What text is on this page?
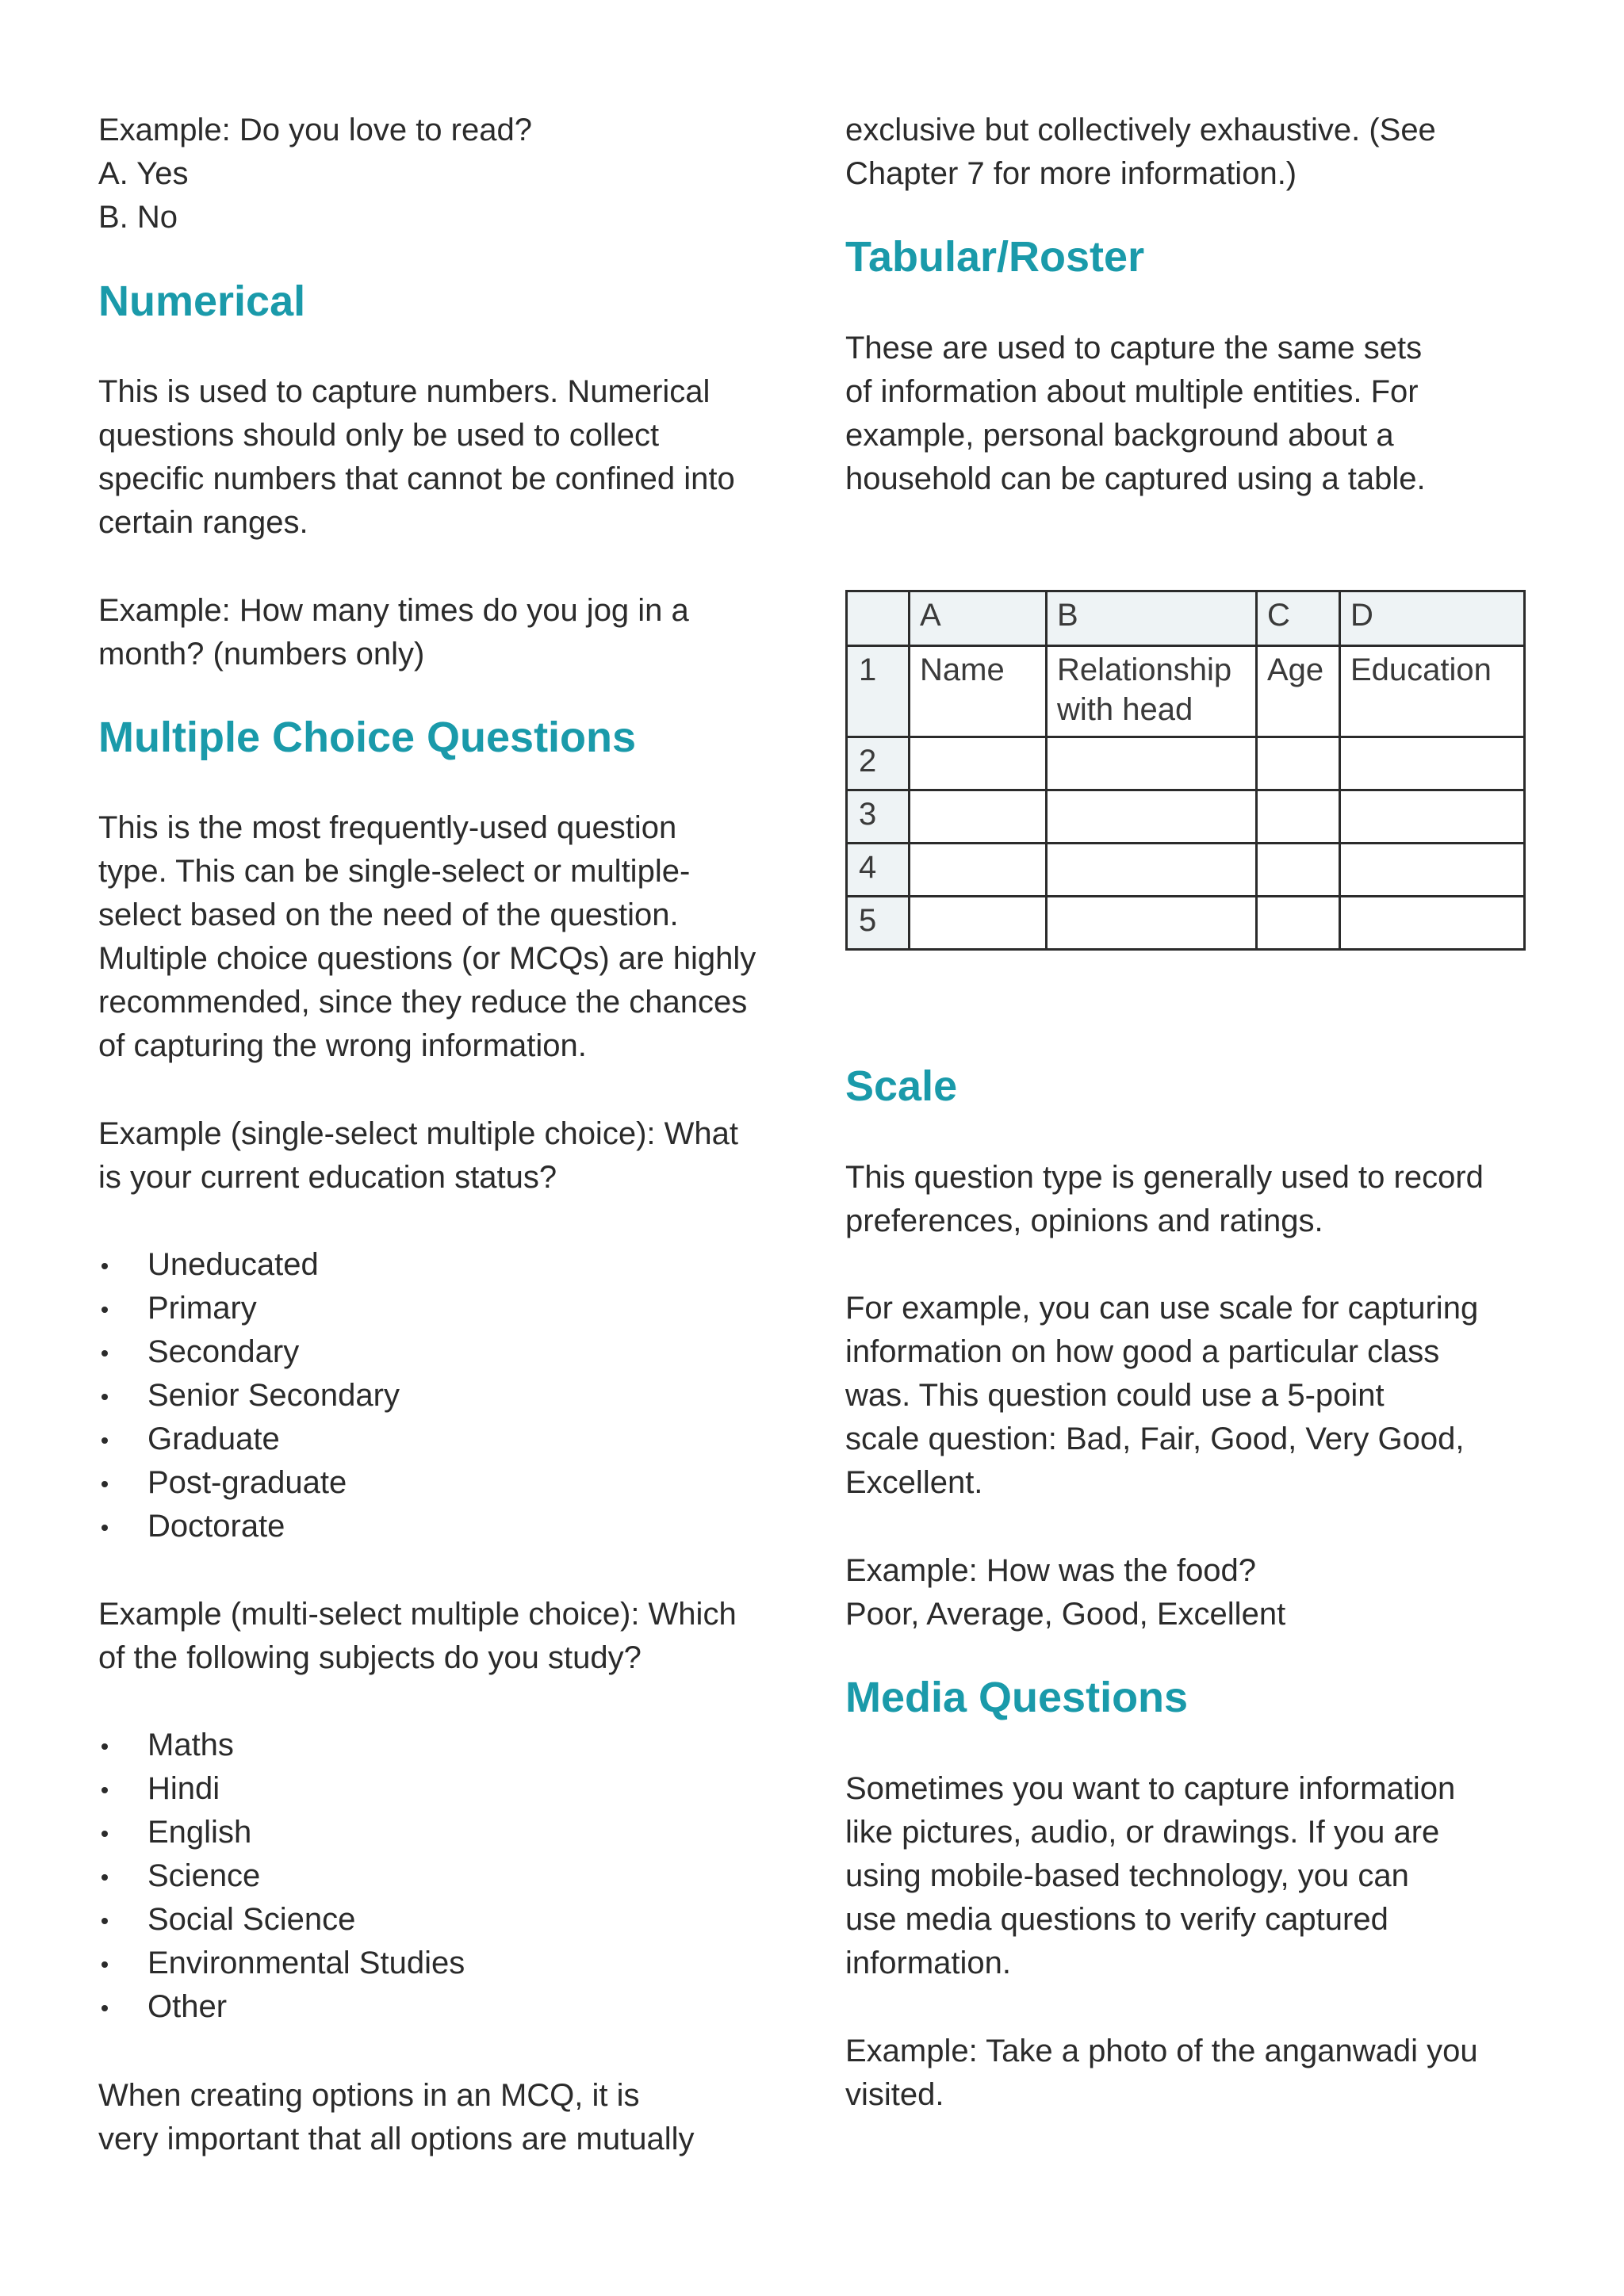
Example: Do you love to read?

A. Yes

B. No

Numerical

This is used to capture numbers. Numerical

questions should only be used to collect

specific numbers that cannot be confined into

certain ranges.

Example: How many times do you jog in a

month? (numbers only)

Multiple Choice Questions

This is the most frequently-used question

type. This can be single-select or multiple-

select based on the need of the question.

Multiple choice questions (or MCQs) are highly

recommended, since they reduce the chances

of capturing the wrong information.

Example (single-select multiple choice): What

is your current education status?

Uneducated
Primary
Secondary
Senior Secondary
Graduate
Post-graduate
Doctorate

Example (multi-select multiple choice): Which

of the following subjects do you study?

Maths
Hindi
English
Science
Social Science
Environmental Studies
Other

When creating options in an MCQ, it is

very important that all options are mutually

exclusive but collectively exhaustive. (See

Chapter 7 for more information.)

Tabular/Roster

These are used to capture the same sets

of information about multiple entities. For

example, personal background about a

household can be captured using a table.

	A	B	C	D
1	Name	Relationship
with head	Age	Education
2				
3				
4				
5				
Scale

This question type is generally used to record

preferences, opinions and ratings.

For example, you can use scale for capturing

information on how good a particular class

was. This question could use a 5-point

scale question: Bad, Fair, Good, Very Good,

Excellent.

Example: How was the food?

Poor, Average, Good, Excellent

Media Questions

Sometimes you want to capture information

like pictures, audio, or drawings. If you are

using mobile-based technology, you can

use media questions to verify captured

information.

Example: Take a photo of the anganwadi you

visited.
